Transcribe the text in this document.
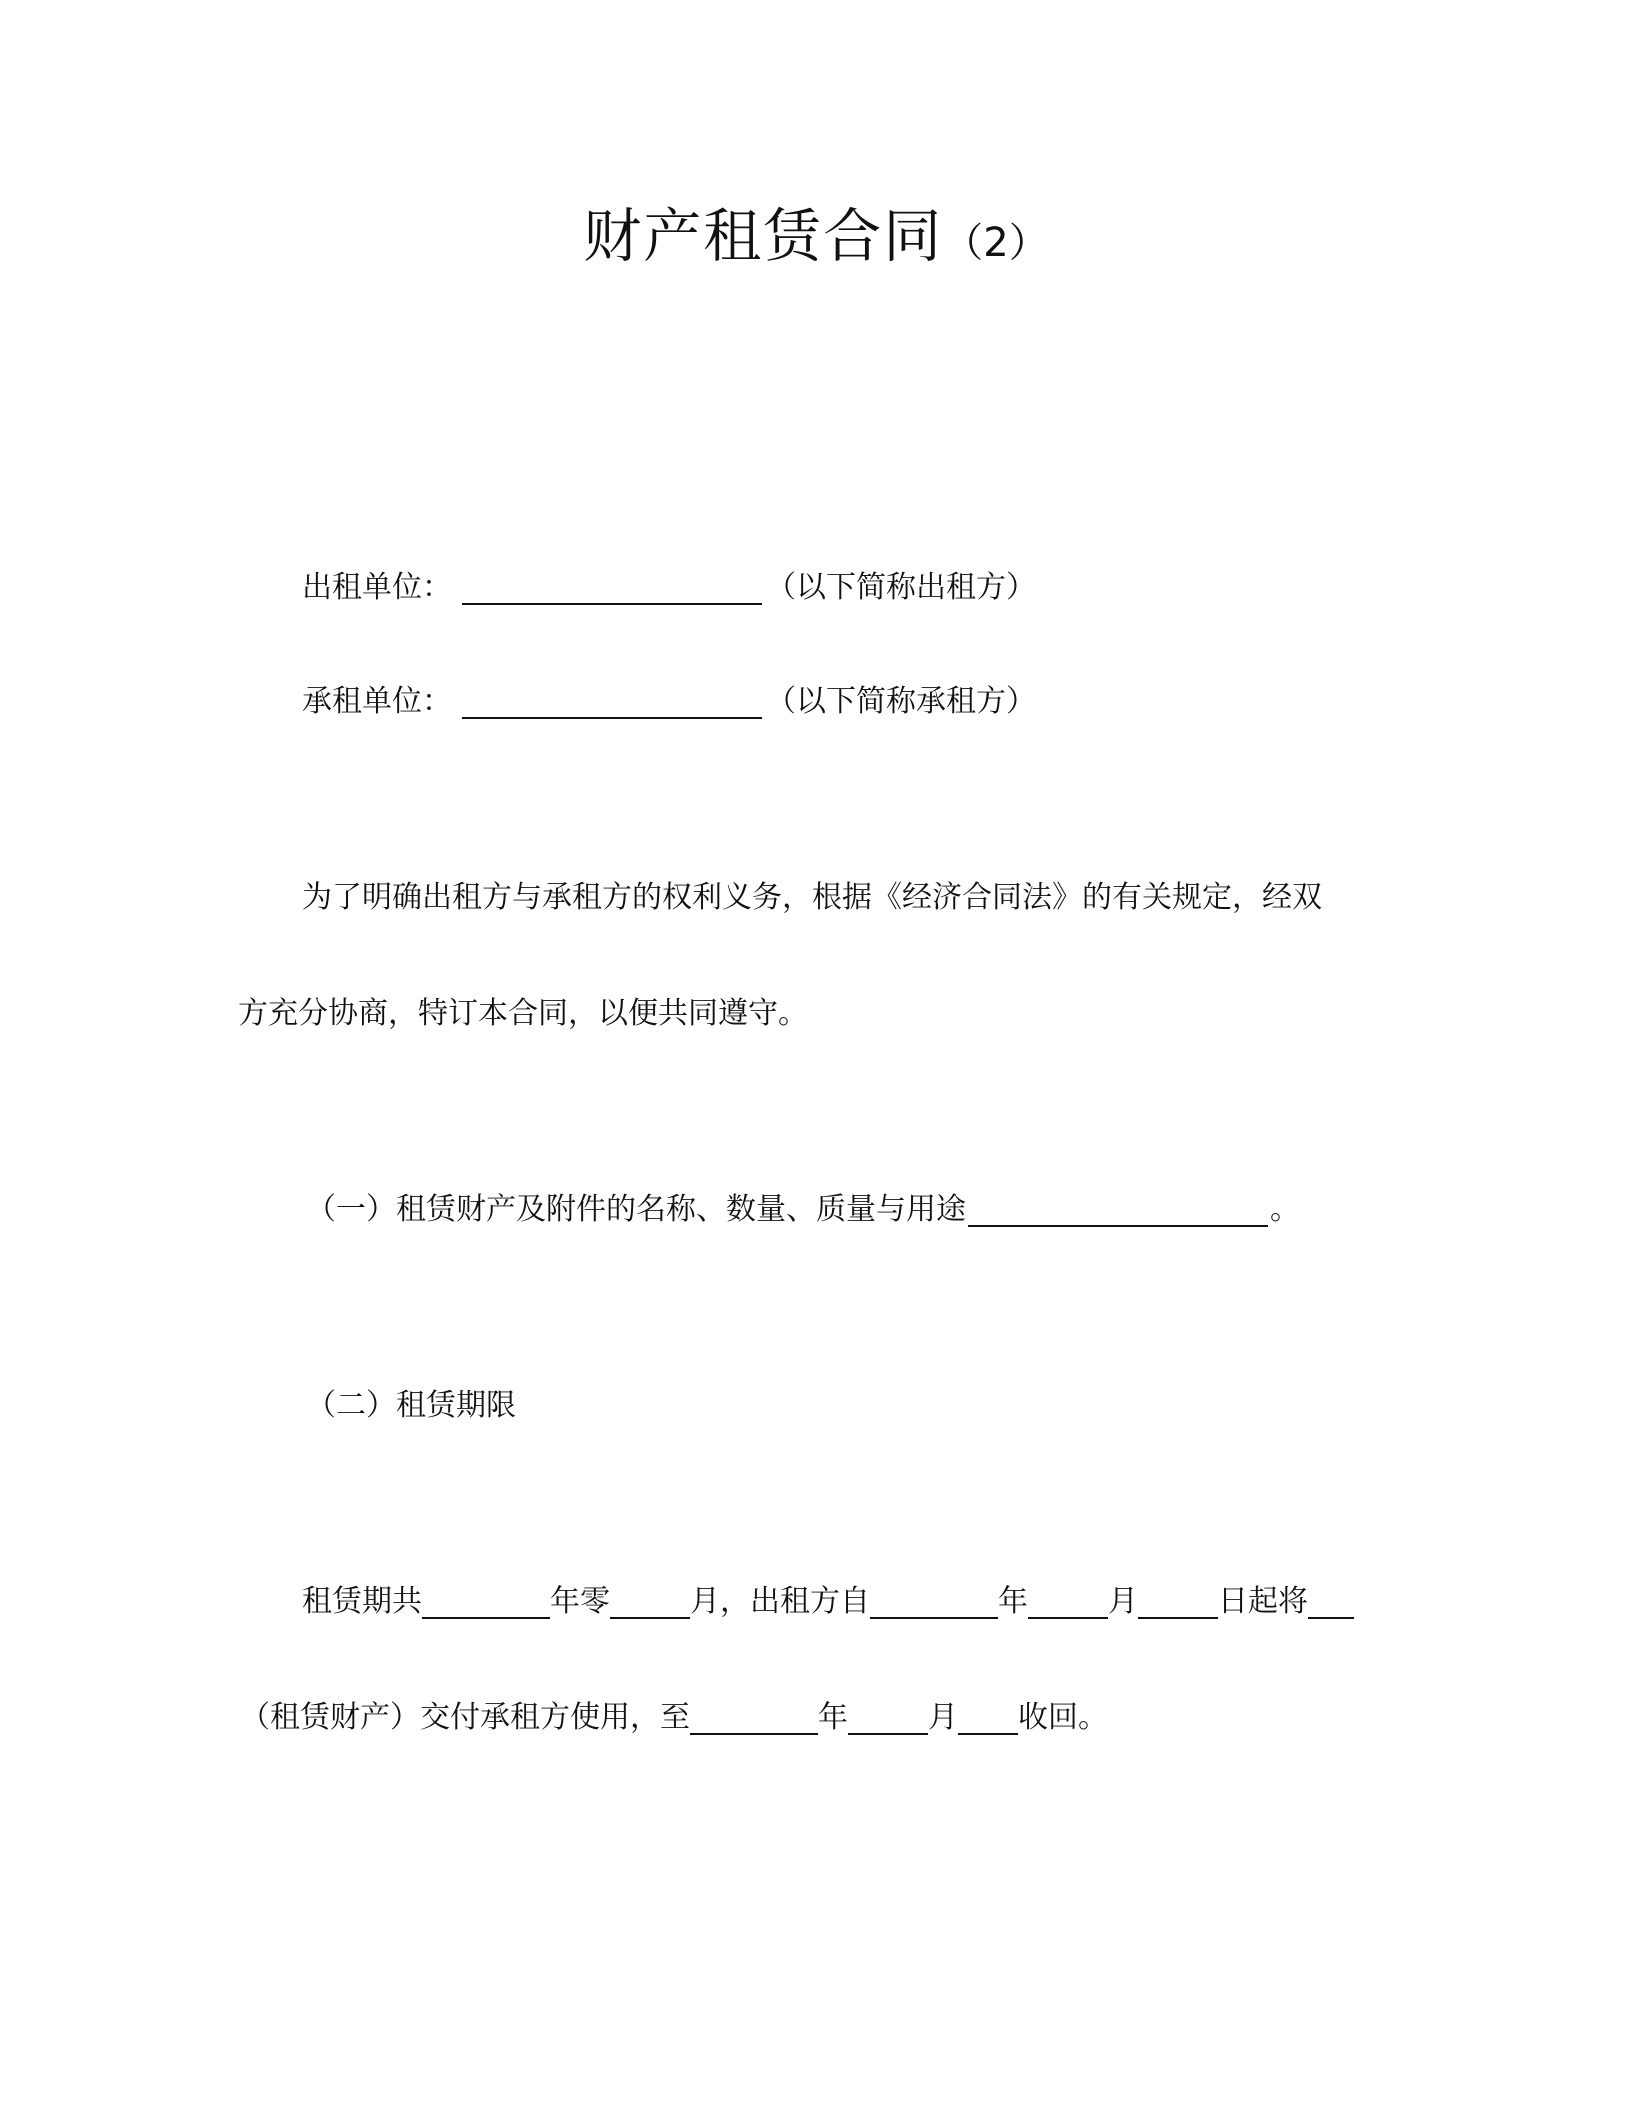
财产租赁合同（2）
出租单位：	（以下简称出租方）
承租单位：	（以下简称承租方）
为了明确出租方与承租方的权利义务，根据《经济合同法》的有关规定，经双
方充分协商，特订本合同，以便共同遵守。
（一）租赁财产及附件的名称、数量、质量与用途	。
（二）租赁期限
租赁期共	年零	月，出租方自	年	月	日起将
（租赁财产）交付承租方使用，至	年	月 收回。
